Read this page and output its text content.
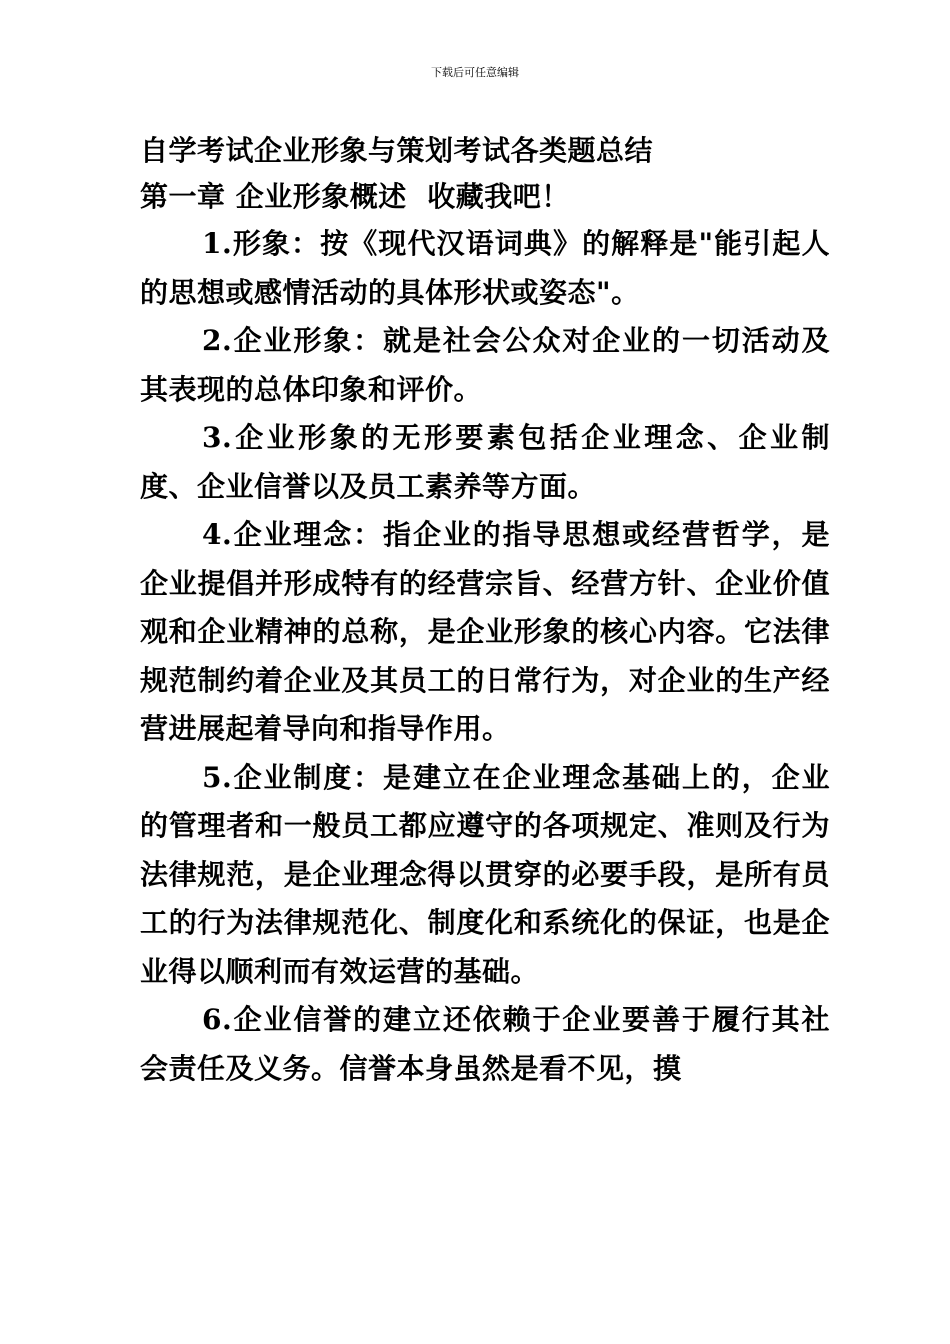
下载后可任意编辑
自学考试企业形象与策划考试各类题总结
第一章 企业形象概述  收藏我吧！

1.形象：按《现代汉语词典》的解释是"能引起人的思想或感情活动的具体形状或姿态"。

2.企业形象：就是社会公众对企业的一切活动及其表现的总体印象和评价。

3.企业形象的无形要素包括企业理念、企业制度、企业信誉以及员工素养等方面。

4.企业理念：指企业的指导思想或经营哲学，是企业提倡并形成特有的经营宗旨、经营方针、企业价值观和企业精神的总称，是企业形象的核心内容。它法律规范制约着企业及其员工的日常行为，对企业的生产经营进展起着导向和指导作用。

5.企业制度：是建立在企业理念基础上的，企业的管理者和一般员工都应遵守的各项规定、准则及行为法律规范，是企业理念得以贯穿的必要手段，是所有员工的行为法律规范化、制度化和系统化的保证，也是企业得以顺利而有效运营的基础。

6.企业信誉的建立还依赖于企业要善于履行其社会责任及义务。信誉本身虽然是看不见，摸
